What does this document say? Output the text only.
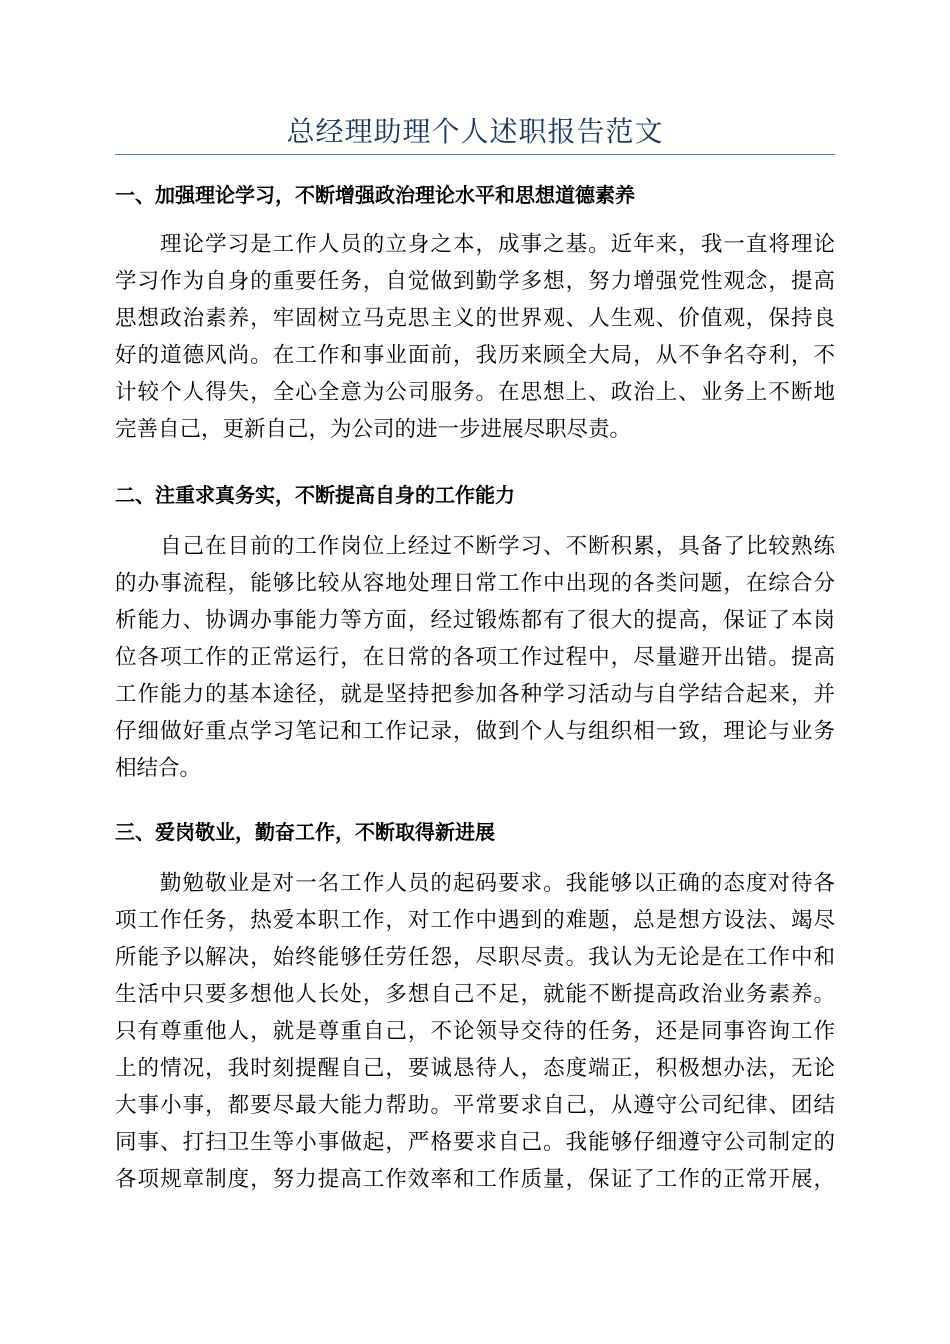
总经理助理个人述职报告范文
一、加强理论学习，不断增强政治理论水平和思想道德素养
理论学习是工作人员的立身之本，成事之基。近年来，我一直将理论
学习作为自身的重要任务，自觉做到勤学多想，努力增强党性观念，提高
思想政治素养，牢固树立马克思主义的世界观、人生观、价值观，保持良
好的道德风尚。在工作和事业面前，我历来顾全大局，从不争名夺利，不
计较个人得失，全心全意为公司服务。在思想上、政治上、业务上不断地
完善自己，更新自己，为公司的进一步进展尽职尽责。
二、注重求真务实，不断提高自身的工作能力
自己在目前的工作岗位上经过不断学习、不断积累，具备了比较熟练
的办事流程，能够比较从容地处理日常工作中出现的各类问题，在综合分
析能力、协调办事能力等方面，经过锻炼都有了很大的提高，保证了本岗
位各项工作的正常运行，在日常的各项工作过程中，尽量避开出错。提高
工作能力的基本途径，就是坚持把参加各种学习活动与自学结合起来，并
仔细做好重点学习笔记和工作记录，做到个人与组织相一致，理论与业务
相结合。
三、爱岗敬业，勤奋工作，不断取得新进展
勤勉敬业是对一名工作人员的起码要求。我能够以正确的态度对待各
项工作任务，热爱本职工作，对工作中遇到的难题，总是想方设法、竭尽
所能予以解决，始终能够任劳任怨，尽职尽责。我认为无论是在工作中和
生活中只要多想他人长处，多想自己不足，就能不断提高政治业务素养。
只有尊重他人，就是尊重自己，不论领导交待的任务，还是同事咨询工作
上的情况，我时刻提醒自己，要诚恳待人，态度端正，积极想办法，无论
大事小事，都要尽最大能力帮助。平常要求自己，从遵守公司纪律、团结
同事、打扫卫生等小事做起，严格要求自己。我能够仔细遵守公司制定的
各项规章制度，努力提高工作效率和工作质量，保证了工作的正常开展，
